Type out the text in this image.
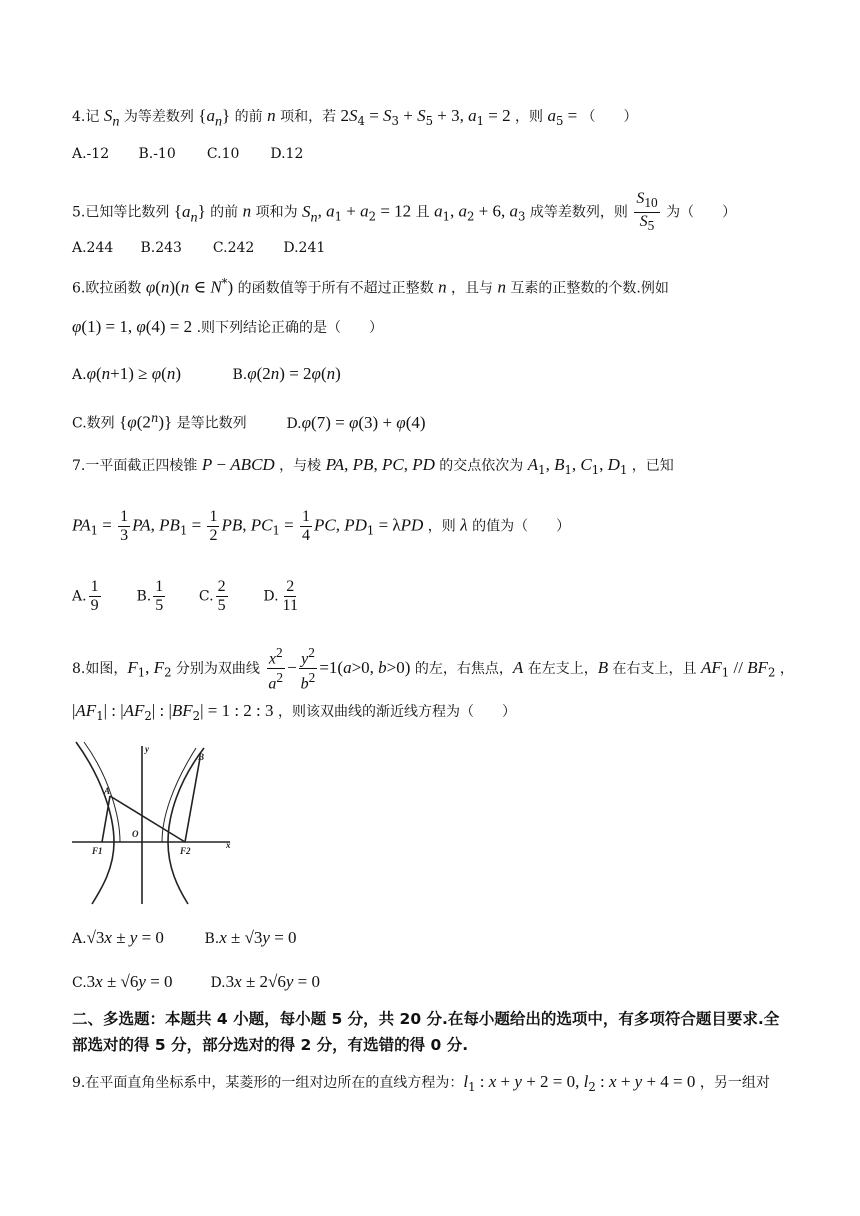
4.记 $S_n$ 为等差数列 $\{a_n\}$ 的前 n 项和，若 $2S_4 = S_3 + S_5 + 3$, $a_1 = 2$ ，则 $a_5$ = （　　）
A.-12 B.-10 C.10 D.12
5.已知等比数列 $\{a_n\}$ 的前 n 项和为 $S_n$, $a_1 + a_2 = 12$ 且 $a_1$, $a_2 + 6$, $a_3$ 成等差数列，则 $\frac{S_{10}}{S_5}$ 为（　　）
A.244 B.243 C.242 D.241
6.欧拉函数 φ(n)(n ∈ N*) 的函数值等于所有不超过正整数 n ，且与 n 互素的正整数的个数.例如
φ(1) = 1, φ(4) = 2 .则下列结论正确的是（　　）
A.φ(n+1) ≥ φ(n)	B.φ(2n) = 2φ(n)
C.数列 {φ(2$^n$)} 是等比数列	D.φ(7) = φ(3) + φ(4)
7.一平面截正四棱锥 P − ABCD ，与棱 PA, PB, PC, PD 的交点依次为 $A_1$, $B_1$, $C_1$, $D_1$ ，已知
$PA_1 = \frac{1}{3}$ PA, $PB_1 = \frac{1}{2}$ PB, $PC_1 = \frac{1}{4}$ PC, $PD_1 = \lambda PD$ ，则 λ 的值为（　　）
A. $\frac{1}{9}$	B. $\frac{1}{5} C$. $\frac{2}{5}$	D. $\frac{2}{11}$
8.如图，$F_1$, $F_2$ 分别为双曲线 $\frac{x^2}{a^2} - \frac{y^2}{b^2} =1(a>0$, b>0) 的左，右焦点，A 在左支上，B 在右支上，且 $AF_1 // BF_2$ ，
$|AF_1|$ : $|AF_2|$ : $|BF_2| = 1$ : 2 : 3 ，则该双曲线的渐近线方程为（　　）
y
B
A
O
F1	F2
x
A.√3x ± y = 0	B.x ± √3y = 0
C.3x ± √6y = 0	D.3x ± 2√6y = 0
二、多选题：本题共 4 小题，每小题 5 分，共 20 分.在每小题给出的选项中，有多项符合题目要求.全部选对的得 5 分，部分选对的得 2 分，有选错的得 0 分.
9.在平面直角坐标系中，某菱形的一组对边所在的直线方程为：$l_1$ : x + y + 2 = 0, $l_2$ : x + y + 4 = 0 ，另一组对
